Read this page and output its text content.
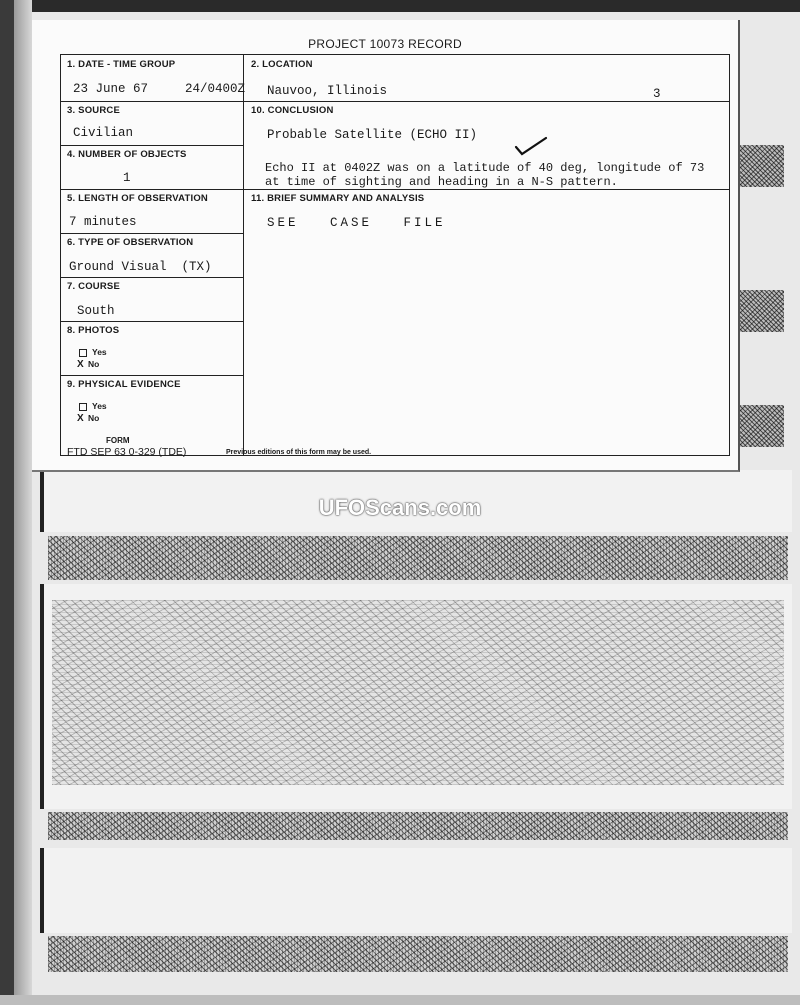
UFOScans.com
PROJECT 10073 RECORD
1. DATE - TIME GROUP
23 June 67	24/0400Z
2. LOCATION
Nauvoo, Illinois	3
3. SOURCE
Civilian
4. NUMBER OF OBJECTS
1
10. CONCLUSION
Probable Satellite (ECHO II)
Echo II at 0402Z was on a latitude of 40 deg, longitude of 73
at time of sighting and heading in a N-S pattern.
5. LENGTH OF OBSERVATION
7 minutes
11. BRIEF SUMMARY AND ANALYSIS
SEE   CASE   FILE
6. TYPE OF OBSERVATION
Ground Visual  (TX)
7. COURSE
South
8. PHOTOS
Yes
X No
9. PHYSICAL EVIDENCE
Yes
X No
FORM
FTD SEP 63 0-329 (TDE)	Previous editions of this form may be used.
